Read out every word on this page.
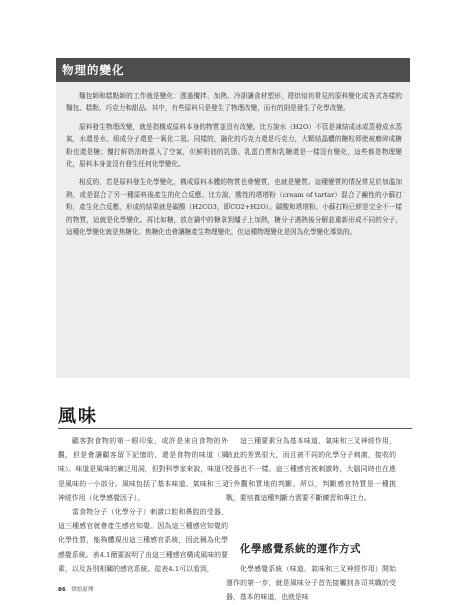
物理的變化

麵包師和糕點師的工作就是變化：透過攪拌、加熱、冷卻讓食材塑形，將烘焙坊常見的原料變化成各式各樣的麵包、糕點、巧克力和甜品。其中，有些原料只是發生了物理改變，而有的則是發生了化學改變。

原料發生物理改變，就是指構成原料本身的物質並沒有改變。比方說水（H2O）不管是凍結成冰或蒸發成水蒸氣，水還是水，組成分子還是一氧化二氫。同樣的，融化的巧克力還是巧克力，大顆結晶體的糖粒即使被磨碎成糖粉也還是糖；攪打鮮奶油時混入了空氣，但鮮奶油的乳脂、乳蛋白質和乳糖還是一樣沒有變化，這些都是物理變化，原料本身並沒有發生任何化學變化。

相反的，若是原料發生化學變化，構成原料本體的物質也會變質，也就是變質。這種變質的情況常見於加溫加熱，或是混合了另一種原料後產生的化合反應。比方說，酸性的塔塔粉（cream of tartar）混合了鹼性的小蘇打粉，產生化合反應，形成的結果就是碳酸（H2CO3，即CO2+H2O）。碳酸和塔塔粉、小蘇打粉已經是完全不一樣的物質，這就是化學變化。再比如糖，放在鍋中的糖拿到爐子上加熱，糖分子遇熱後分解並重新形成不同的分子，這種化學變化就是焦糖化。焦糖化也會讓糖產生物理變化，但這種物理變化是因為化學變化導致的。

風味

顧客對食物的第一眼印象，或許是來自食物的外觀，但是會讓顧客留下記憶的，還是食物的味道（風味）。味道是風味的廣泛用詞，但對科學家來說，味道只是風味的一小部分。風味包括了基本味道、氣味和三叉神經作用（化學感覺因子）。

當食物分子（化學分子）刺激口腔和鼻腔的受器，這三種感官就會產生感官知覺。因為這三種感官知覺的化學性質，能夠體現出這三種感官系統，因此稱為化學感覺系統。表4.1簡要說明了由這三種感官構成風味的要素，以及各別相關的感官系統。從表4.1可以看到，

這三種要素分為基本味道、氣味和三叉神經作用，彼此的差異很大，而且被不同的化學分子刺激，接收的受器也不一樣。這三種感官被刺激時，大腦同時也在進行外觀和質地的判斷。所以，判斷感官特質是一種挑戰，要培養這種判斷力需要不斷練習和專注力。

化學感覺系統的運作方式

化學感覺系統（味道、氣味和三叉神經作用）開始運作的第一步，就是風味分子首先接觸到各司其職的受器，基本的味道，也就是味

86 烘焙原理
